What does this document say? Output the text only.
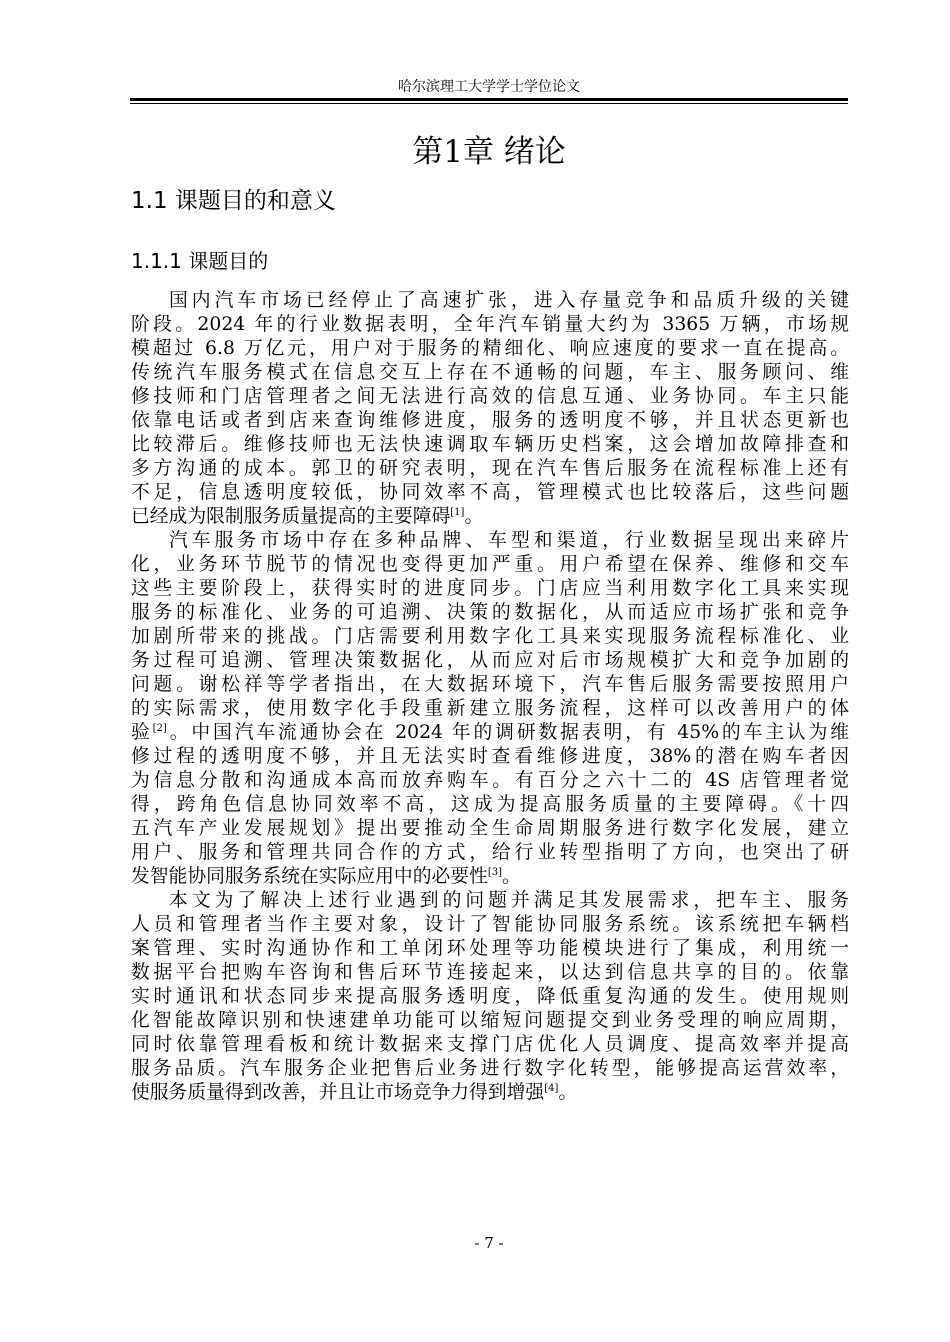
哈尔滨理工大学学士学位论文
第1章 绪论
1.1 课题目的和意义
1.1.1 课题目的
国内汽车市场已经停止了高速扩张，进入存量竞争和品质升级的关键
阶段。2024 年的行业数据表明，全年汽车销量大约为 3365 万辆，市场规
模超过 6.8 万亿元，用户对于服务的精细化、响应速度的要求一直在提高。
传统汽车服务模式在信息交互上存在不通畅的问题，车主、服务顾问、维
修技师和门店管理者之间无法进行高效的信息互通、业务协同。车主只能
依靠电话或者到店来查询维修进度，服务的透明度不够，并且状态更新也
比较滞后。维修技师也无法快速调取车辆历史档案，这会增加故障排查和
多方沟通的成本。郭卫的研究表明，现在汽车售后服务在流程标准上还有
不足，信息透明度较低，协同效率不高，管理模式也比较落后，这些问题
已经成为限制服务质量提高的主要障碍[1]。
汽车服务市场中存在多种品牌、车型和渠道，行业数据呈现出来碎片
化，业务环节脱节的情况也变得更加严重。用户希望在保养、维修和交车
这些主要阶段上，获得实时的进度同步。门店应当利用数字化工具来实现
服务的标准化、业务的可追溯、决策的数据化，从而适应市场扩张和竞争
加剧所带来的挑战。门店需要利用数字化工具来实现服务流程标准化、业
务过程可追溯、管理决策数据化，从而应对后市场规模扩大和竞争加剧的
问题。谢松祥等学者指出，在大数据环境下，汽车售后服务需要按照用户
的实际需求，使用数字化手段重新建立服务流程，这样可以改善用户的体
验[2]。中国汽车流通协会在 2024 年的调研数据表明，有 45%的车主认为维
修过程的透明度不够，并且无法实时查看维修进度，38%的潜在购车者因
为信息分散和沟通成本高而放弃购车。有百分之六十二的 4S 店管理者觉
得，跨角色信息协同效率不高，这成为提高服务质量的主要障碍。《十四
五汽车产业发展规划》提出要推动全生命周期服务进行数字化发展，建立
用户、服务和管理共同合作的方式，给行业转型指明了方向，也突出了研
发智能协同服务系统在实际应用中的必要性[3]。
本文为了解决上述行业遇到的问题并满足其发展需求，把车主、服务
人员和管理者当作主要对象，设计了智能协同服务系统。该系统把车辆档
案管理、实时沟通协作和工单闭环处理等功能模块进行了集成，利用统一
数据平台把购车咨询和售后环节连接起来，以达到信息共享的目的。依靠
实时通讯和状态同步来提高服务透明度，降低重复沟通的发生。使用规则
化智能故障识别和快速建单功能可以缩短问题提交到业务受理的响应周期，
同时依靠管理看板和统计数据来支撑门店优化人员调度、提高效率并提高
服务品质。汽车服务企业把售后业务进行数字化转型，能够提高运营效率，
使服务质量得到改善，并且让市场竞争力得到增强[4]。
- 7 -
